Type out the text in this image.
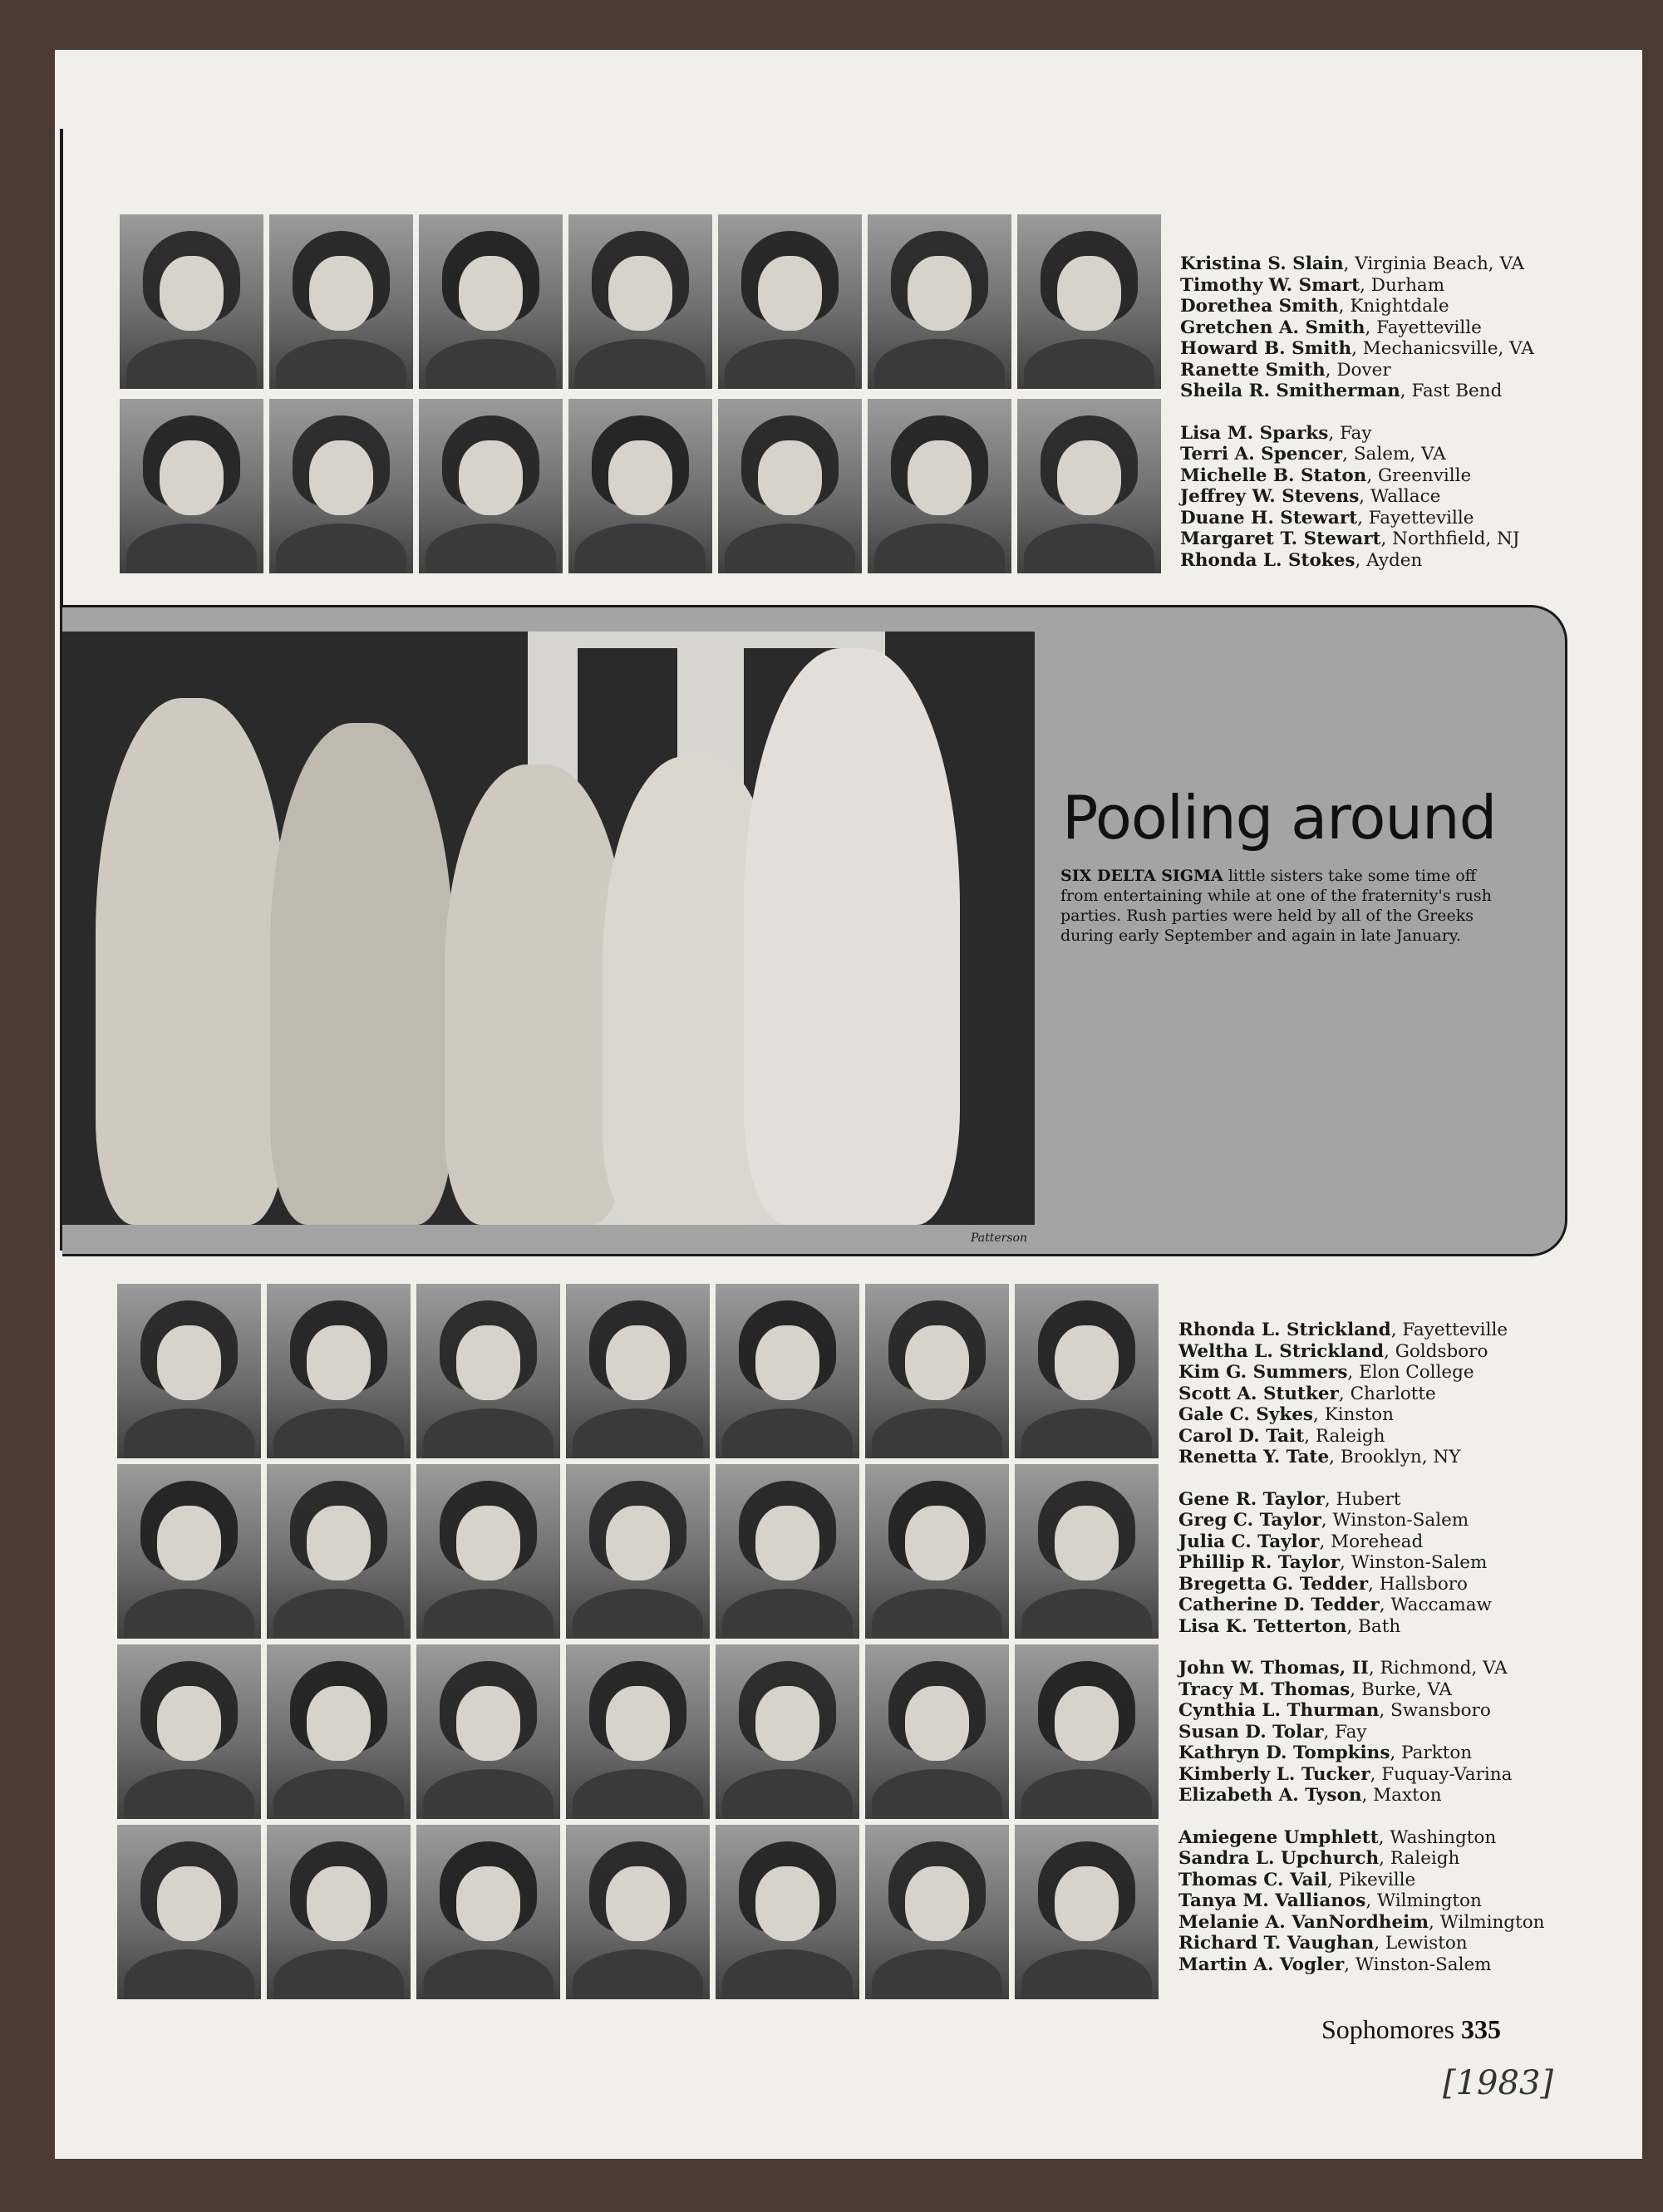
Kristina S. Slain, Virginia Beach, VA
Timothy W. Smart, Durham
Dorethea Smith, Knightdale
Gretchen A. Smith, Fayetteville
Howard B. Smith, Mechanicsville, VA
Ranette Smith, Dover
Sheila R. Smitherman, Fast Bend
Lisa M. Sparks, Fay
Terri A. Spencer, Salem, VA
Michelle B. Staton, Greenville
Jeffrey W. Stevens, Wallace
Duane H. Stewart, Fayetteville
Margaret T. Stewart, Northfield, NJ
Rhonda L. Stokes, Ayden
Patterson
Pooling around
SIX DELTA SIGMA little sisters take some time off from entertaining while at one of the fraternity's rush parties. Rush parties were held by all of the Greeks during early September and again in late January.
Rhonda L. Strickland, Fayetteville
Weltha L. Strickland, Goldsboro
Kim G. Summers, Elon College
Scott A. Stutker, Charlotte
Gale C. Sykes, Kinston
Carol D. Tait, Raleigh
Renetta Y. Tate, Brooklyn, NY
Gene R. Taylor, Hubert
Greg C. Taylor, Winston-Salem
Julia C. Taylor, Morehead
Phillip R. Taylor, Winston-Salem
Bregetta G. Tedder, Hallsboro
Catherine D. Tedder, Waccamaw
Lisa K. Tetterton, Bath
John W. Thomas, II, Richmond, VA
Tracy M. Thomas, Burke, VA
Cynthia L. Thurman, Swansboro
Susan D. Tolar, Fay
Kathryn D. Tompkins, Parkton
Kimberly L. Tucker, Fuquay-Varina
Elizabeth A. Tyson, Maxton
Amiegene Umphlett, Washington
Sandra L. Upchurch, Raleigh
Thomas C. Vail, Pikeville
Tanya M. Vallianos, Wilmington
Melanie A. VanNordheim, Wilmington
Richard T. Vaughan, Lewiston
Martin A. Vogler, Winston-Salem
Sophomores 335
[1983]
